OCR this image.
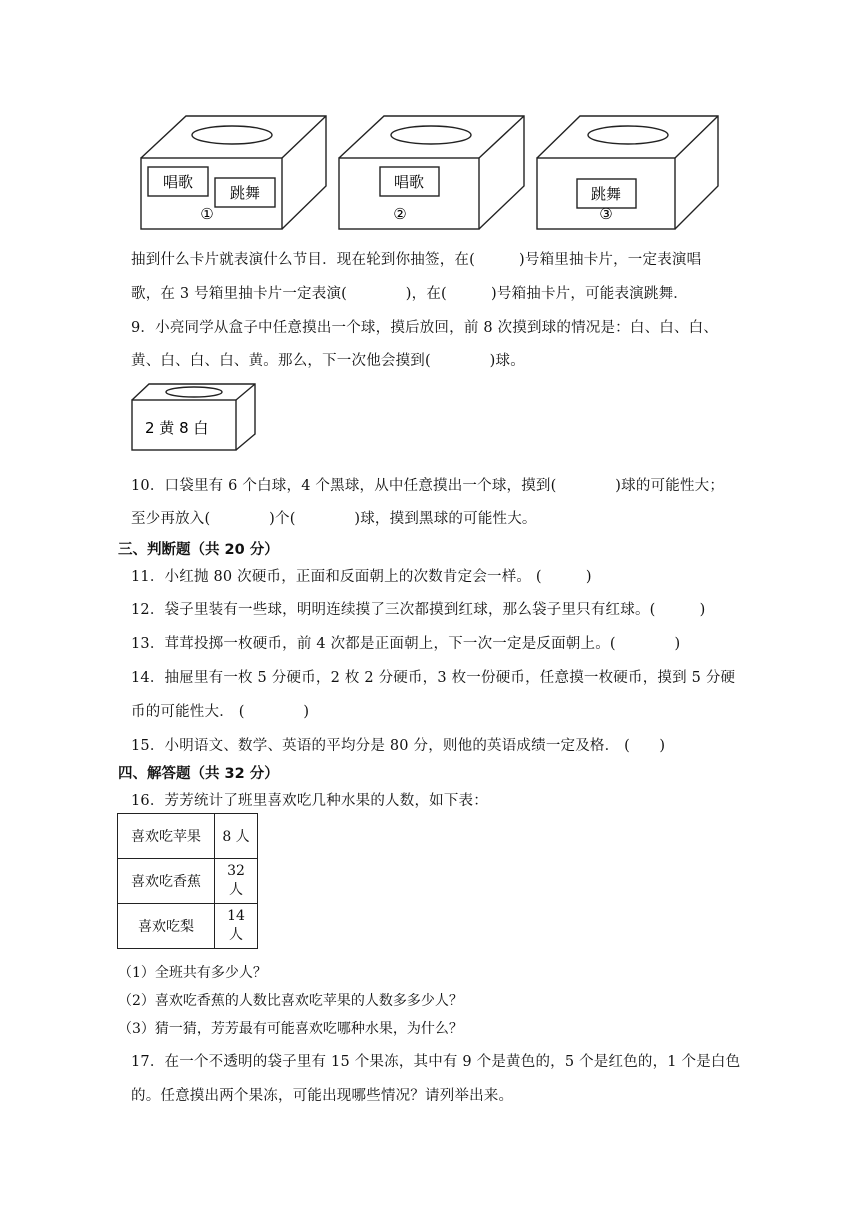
唱歌
跳舞
①
唱歌
②
跳舞
③
抽到什么卡片就表演什么节目．现在轮到你抽签，在(　　　)号箱里抽卡片，一定表演唱
歌，在 3 号箱里抽卡片一定表演(　　　　)，在(　　　)号箱抽卡片，可能表演跳舞．
9．小亮同学从盒子中任意摸出一个球，摸后放回，前 8 次摸到球的情况是：白、白、白、
黄、白、白、白、黄。那么，下一次他会摸到(　　　　)球。
2 黄 8 白
10．口袋里有 6 个白球，4 个黑球，从中任意摸出一个球，摸到(　　　　)球的可能性大；
至少再放入(　　　　)个(　　　　)球，摸到黑球的可能性大。
三、判断题（共 20 分）
11．小红抛 80 次硬币，正面和反面朝上的次数肯定会一样。 (　　　)
12．袋子里装有一些球，明明连续摸了三次都摸到红球，那么袋子里只有红球。(　　　)
13．茸茸投掷一枚硬币，前 4 次都是正面朝上，下一次一定是反面朝上。(　　　　)
14．抽屉里有一枚 5 分硬币，2 枚 2 分硬币，3 枚一份硬币，任意摸一枚硬币，摸到 5 分硬
币的可能性大． (　　　　)
15．小明语文、数学、英语的平均分是 80 分，则他的英语成绩一定及格． (　　)
四、解答题（共 32 分）
16．芳芳统计了班里喜欢吃几种水果的人数，如下表：
喜欢吃苹果	8 人
喜欢吃香蕉	32 人
喜欢吃梨	14 人
（1）全班共有多少人？
（2）喜欢吃香蕉的人数比喜欢吃苹果的人数多多少人？
（3）猜一猜，芳芳最有可能喜欢吃哪种水果，为什么？
17．在一个不透明的袋子里有 15 个果冻，其中有 9 个是黄色的，5 个是红色的，1 个是白色
的。任意摸出两个果冻，可能出现哪些情况？请列举出来。
